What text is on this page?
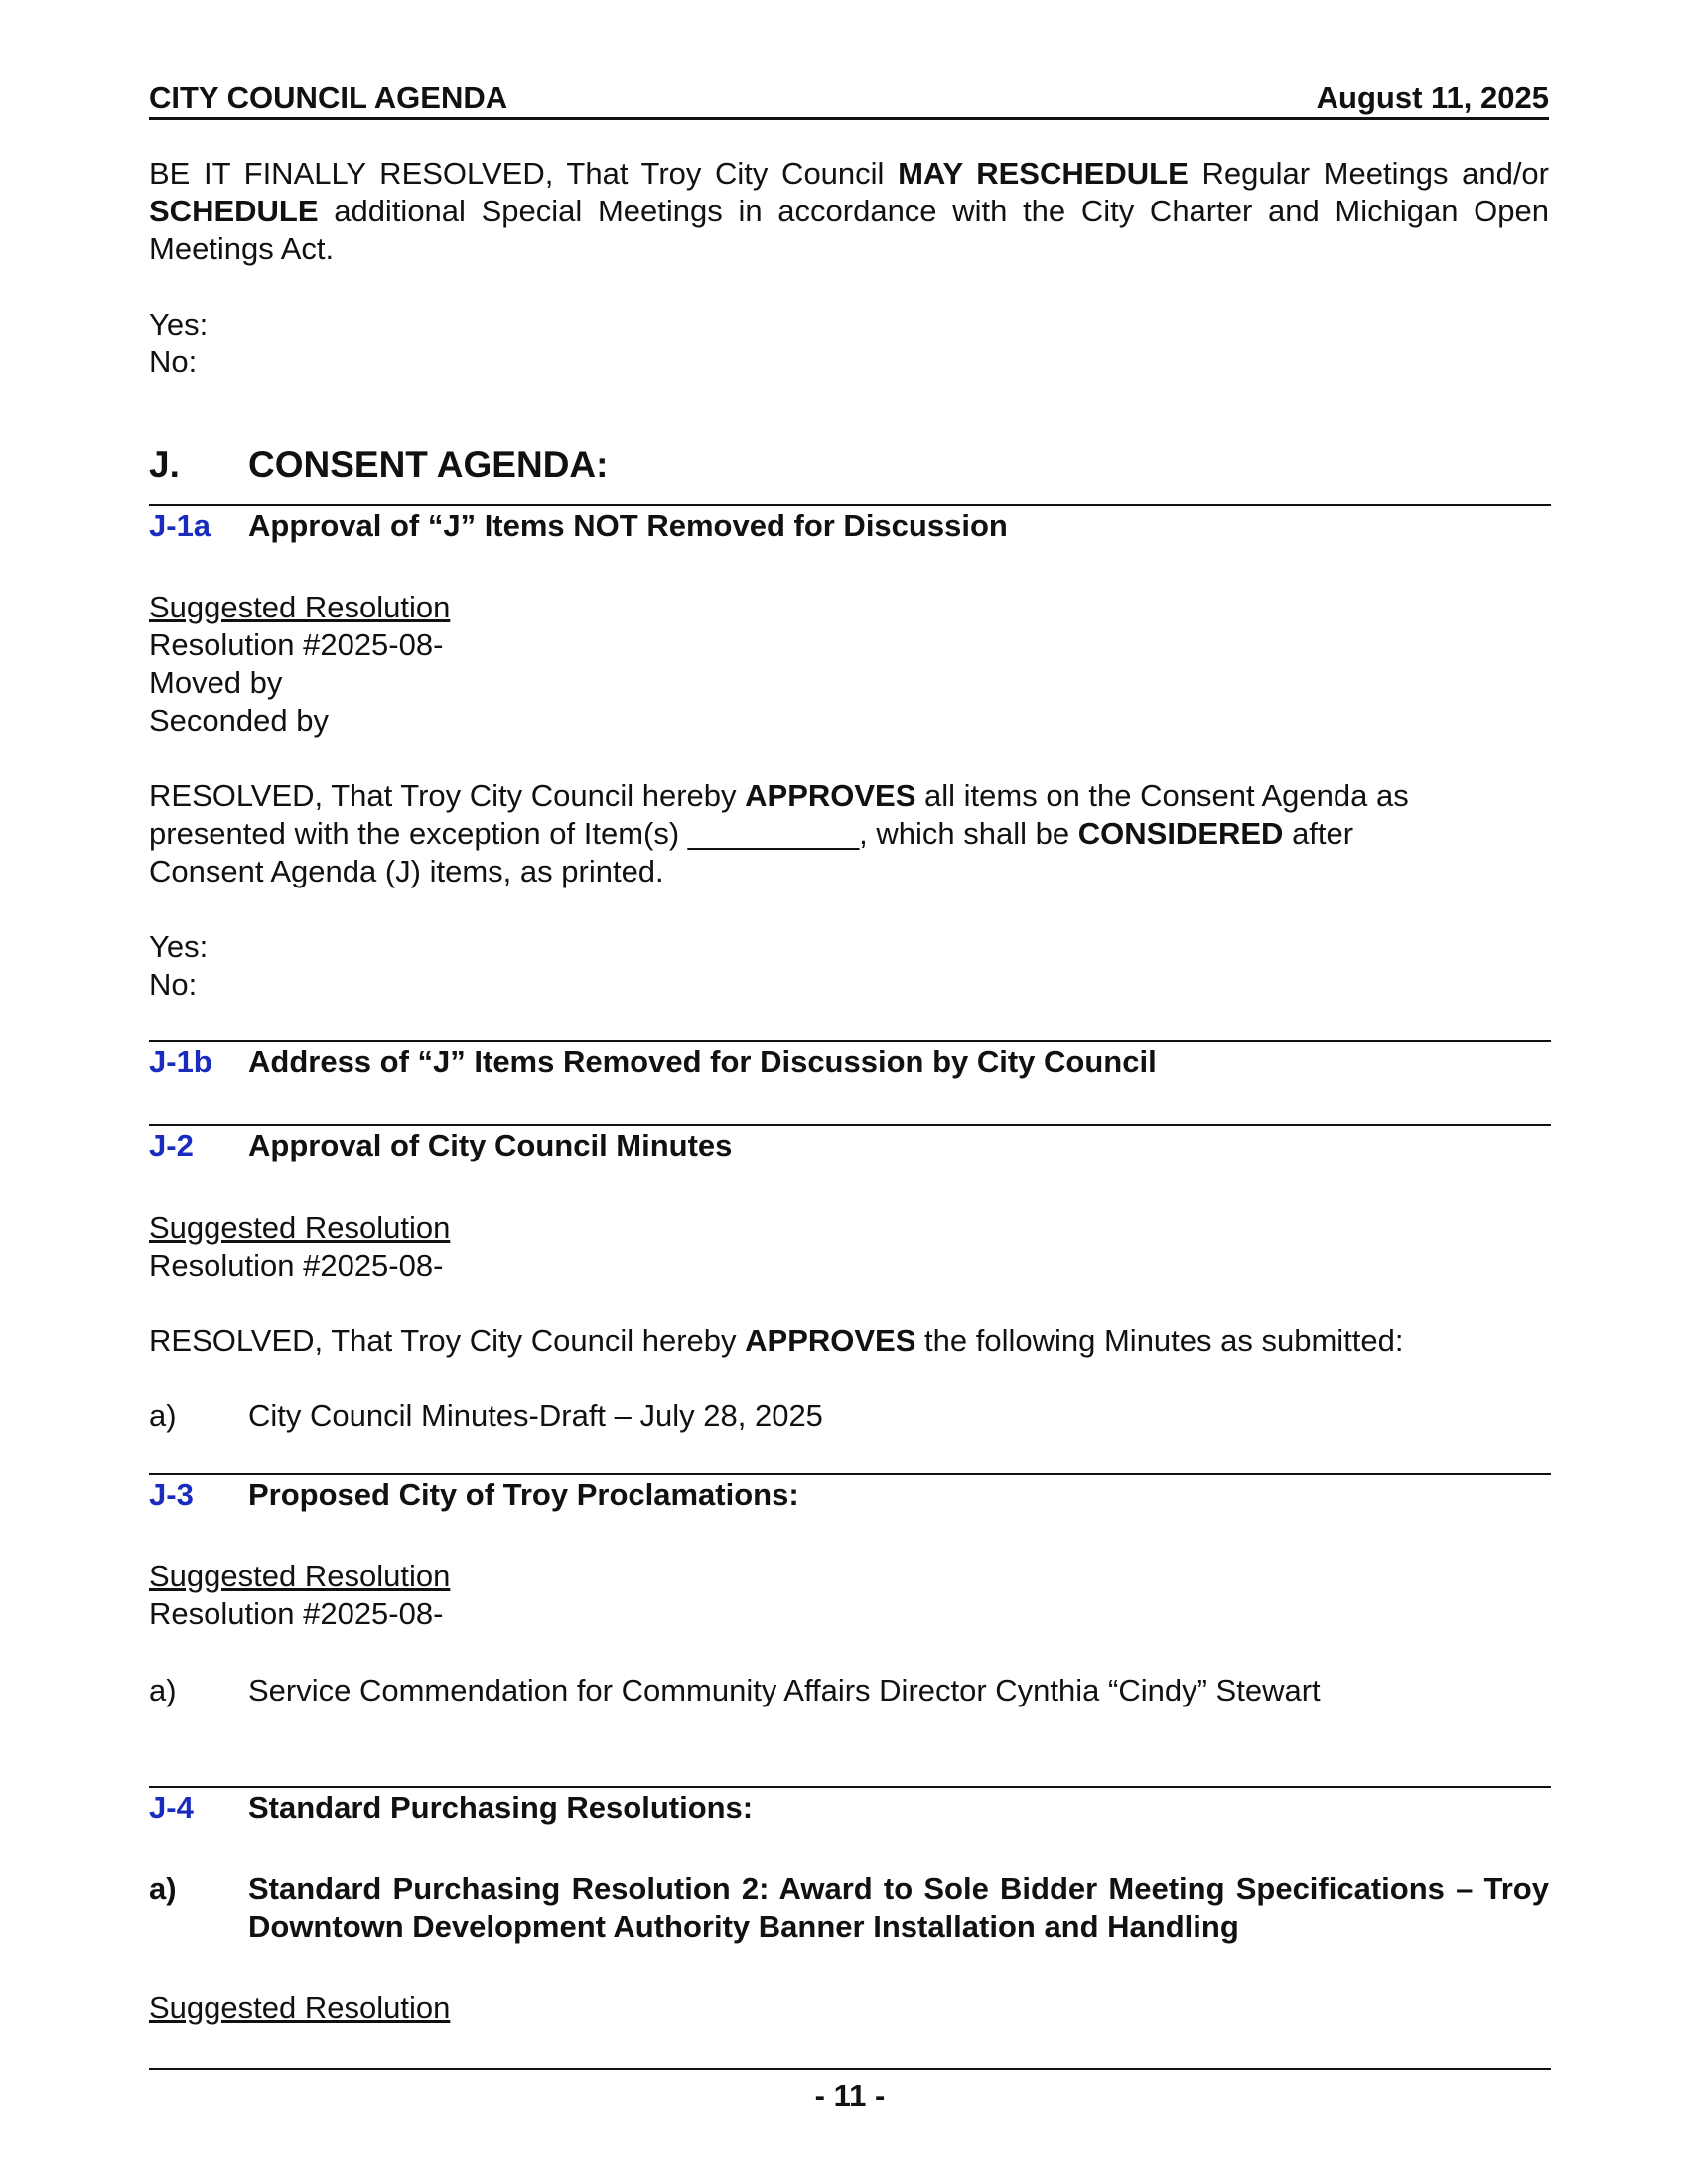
CITY COUNCIL AGENDA	August 11, 2025
BE IT FINALLY RESOLVED, That Troy City Council MAY RESCHEDULE Regular Meetings and/or SCHEDULE additional Special Meetings in accordance with the City Charter and Michigan Open Meetings Act.
Yes:
No:
J. CONSENT AGENDA:
J-1a Approval of “J” Items NOT Removed for Discussion
Suggested Resolution
Resolution #2025-08-
Moved by
Seconded by
RESOLVED, That Troy City Council hereby APPROVES all items on the Consent Agenda as
presented with the exception of Item(s) __________, which shall be CONSIDERED after
Consent Agenda (J) items, as printed.
Yes:
No:
J-1b Address of “J” Items Removed for Discussion by City Council
J-2 Approval of City Council Minutes
Suggested Resolution
Resolution #2025-08-
RESOLVED, That Troy City Council hereby APPROVES the following Minutes as submitted:
a) City Council Minutes-Draft – July 28, 2025
J-3 Proposed City of Troy Proclamations:
Suggested Resolution
Resolution #2025-08-
a) Service Commendation for Community Affairs Director Cynthia “Cindy” Stewart
J-4 Standard Purchasing Resolutions:
a) Standard Purchasing Resolution 2: Award to Sole Bidder Meeting Specifications – Troy Downtown Development Authority Banner Installation and Handling
Suggested Resolution
- 11 -
